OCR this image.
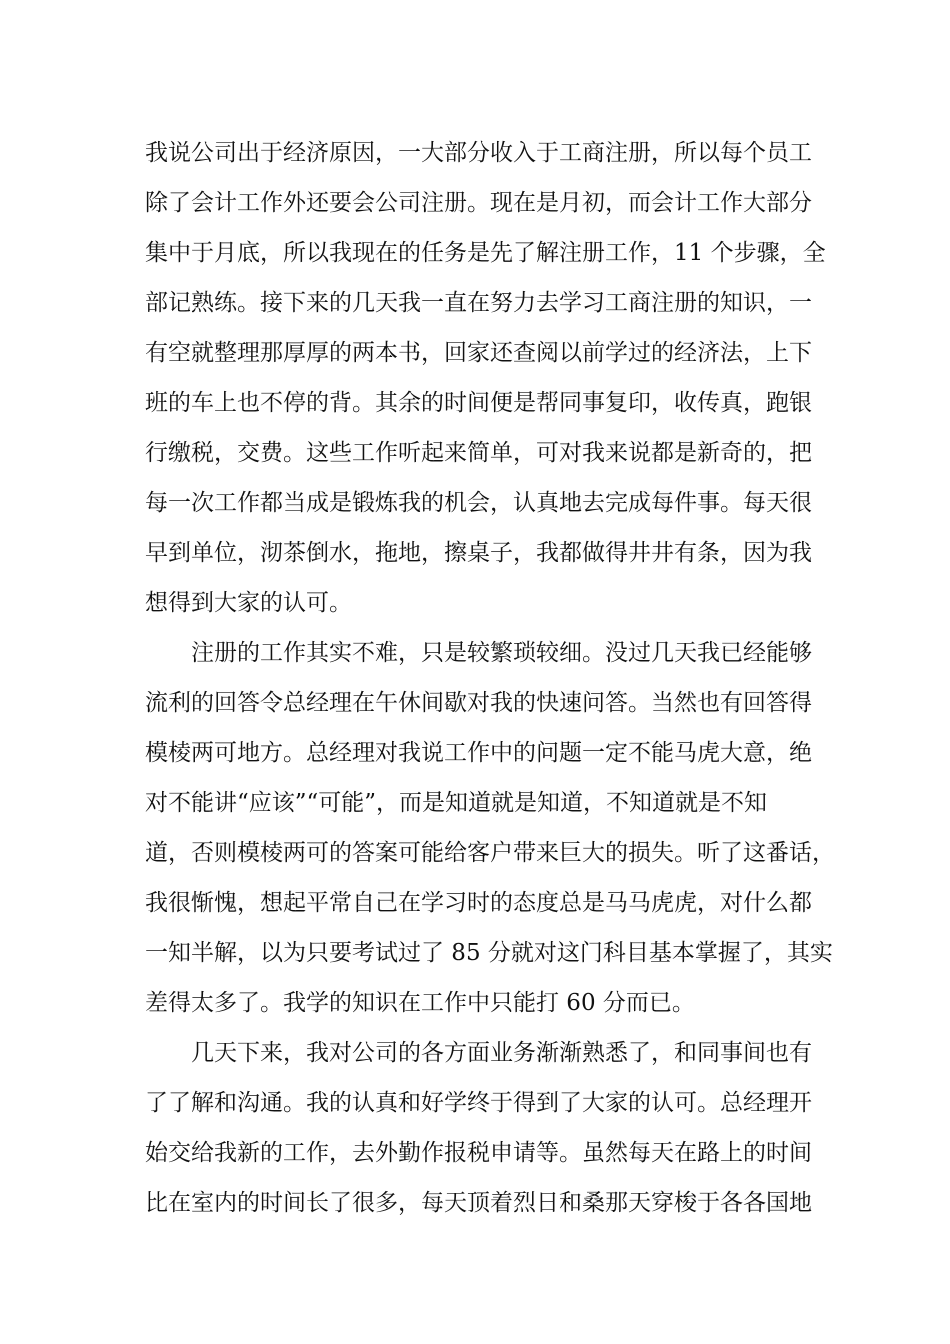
我说公司出于经济原因，一大部分收入于工商注册，所以每个员工
除了会计工作外还要会公司注册。现在是月初，而会计工作大部分
集中于月底，所以我现在的任务是先了解注册工作，11 个步骤，全
部记熟练。接下来的几天我一直在努力去学习工商注册的知识，一
有空就整理那厚厚的两本书，回家还查阅以前学过的经济法，上下
班的车上也不停的背。其余的时间便是帮同事复印，收传真，跑银
行缴税，交费。这些工作听起来简单，可对我来说都是新奇的，把
每一次工作都当成是锻炼我的机会，认真地去完成每件事。每天很
早到单位，沏茶倒水，拖地，擦桌子，我都做得井井有条，因为我
想得到大家的认可。
注册的工作其实不难，只是较繁琐较细。没过几天我已经能够
流利的回答令总经理在午休间歇对我的快速问答。当然也有回答得
模棱两可地方。总经理对我说工作中的问题一定不能马虎大意，绝
对不能讲“应该”“可能”，而是知道就是知道，不知道就是不知
道，否则模棱两可的答案可能给客户带来巨大的损失。听了这番话，
我很惭愧，想起平常自己在学习时的态度总是马马虎虎，对什么都
一知半解，以为只要考试过了 85 分就对这门科目基本掌握了，其实
差得太多了。我学的知识在工作中只能打 60 分而已。
几天下来，我对公司的各方面业务渐渐熟悉了，和同事间也有
了了解和沟通。我的认真和好学终于得到了大家的认可。总经理开
始交给我新的工作，去外勤作报税申请等。虽然每天在路上的时间
比在室内的时间长了很多，每天顶着烈日和桑那天穿梭于各各国地
